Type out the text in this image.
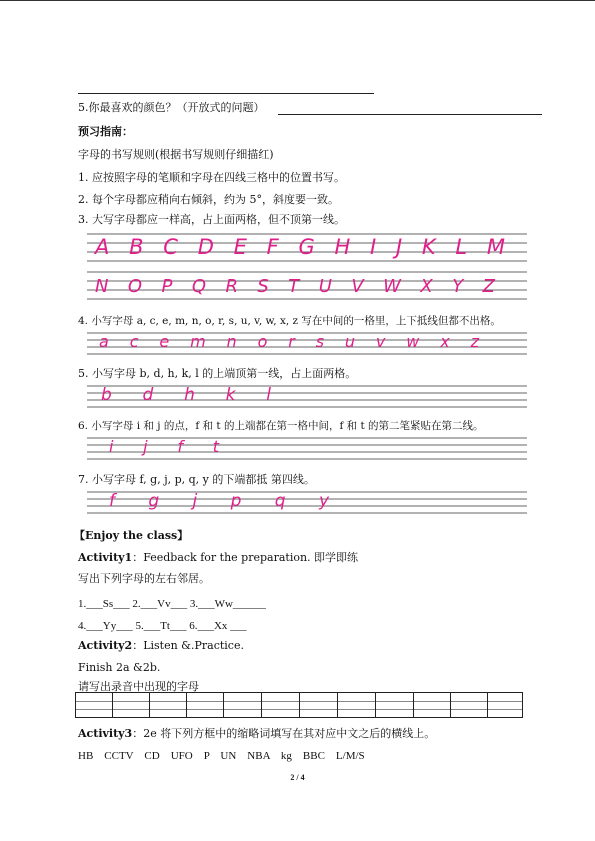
5.你最喜欢的颜色？（开放式的问题）
预习指南：
字母的书写规则(根据书写规则仔细描红)
1. 应按照字母的笔顺和字母在四线三格中的位置书写。
2. 每个字母都应稍向右倾斜，约为 5°，斜度要一致。
3. 大写字母都应一样高，占上面两格，但不顶第一线。
ABCDEFGHIJKLM
NOPQRSTUVWXYZ
4. 小写字母 a, c, e, m, n, o, r, s, u, v, w, x, z 写在中间的一格里，上下抵线但都不出格。
acemnorsuvwxz
5. 小写字母 b, d, h, k, l 的上端顶第一线，占上面两格。
bdhkl
6. 小写字母 i 和 j 的点，f 和 t 的上端都在第一格中间，f 和 t 的第二笔紧贴在第二线。
ijft
7. 小写字母 f, g, j, p, q, y 的下端都抵 第四线。
fgjpqy
【Enjoy the class】
Activity1：Feedback for the preparation. 即学即练
写出下列字母的左右邻居。
1.___Ss___ 2.___Vv___ 3.___Ww______
4.___Yy___ 5.___Tt___ 6.___Xx ___
Activity2：Listen &.Practice.
Finish 2a &2b.
请写出录音中出现的字母
Activity3：2e 将下列方框中的缩略词填写在其对应中文之后的横线上。
HB    CCTV    CD    UFO    P    UN    NBA    kg    BBC    L/M/S
2 / 4
